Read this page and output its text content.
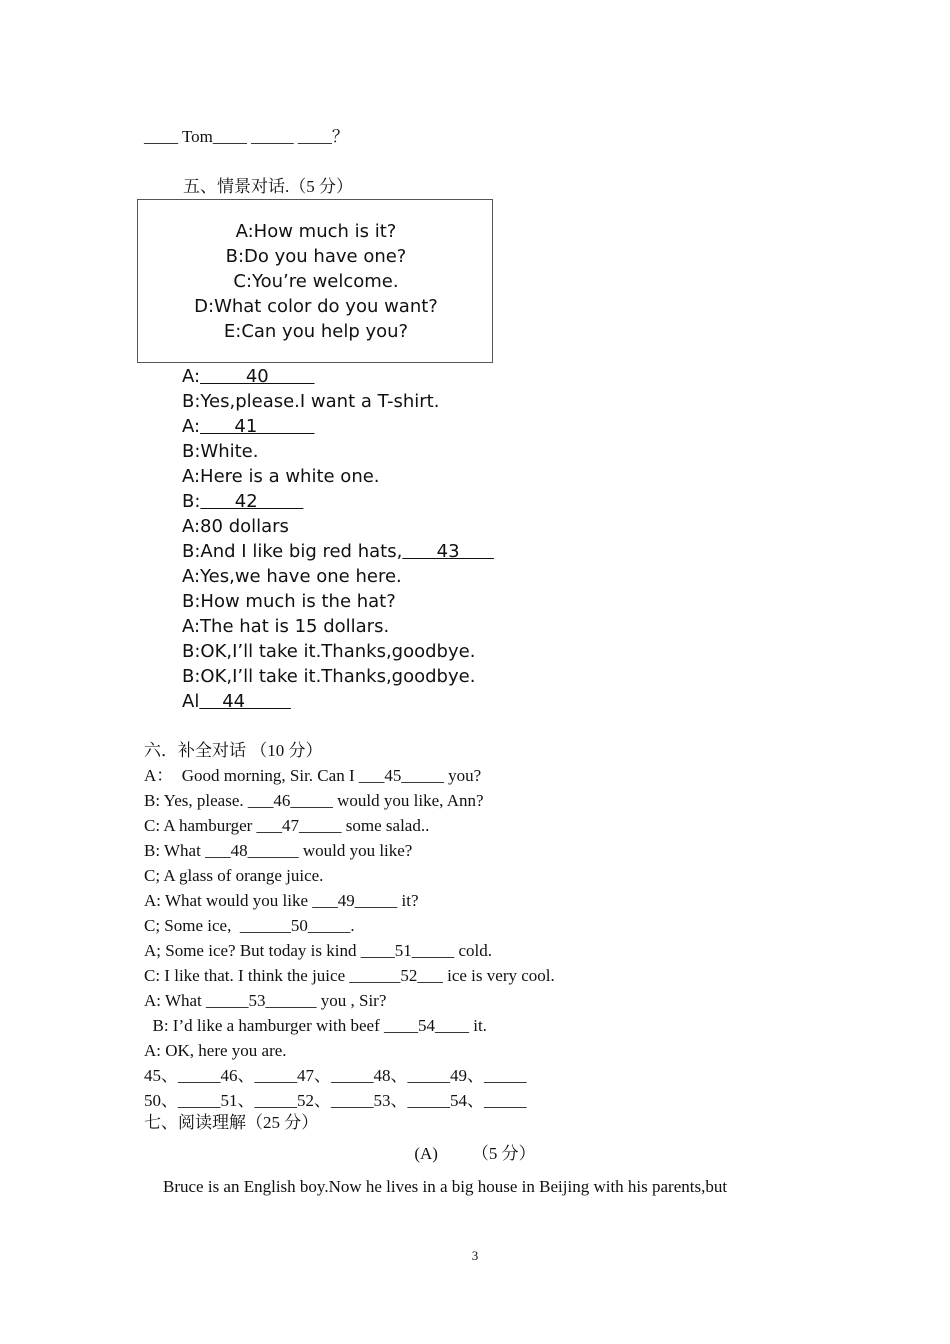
____ Tom____ _____ ____？
五、情景对话.（5 分）
A:How much is it?
B:Do you have one?
C:You’re welcome.
D:What color do you want?
E:Can you help you?
A:        40
B:Yes,please.I want a T-shirt.
A:      41
B:White.
A:Here is a white one.
B:      42
A:80 dollars
B:And I like big red hats,      43
A:Yes,we have one here.
B:How much is the hat?
A:The hat is 15 dollars.
B:OK,I’ll take it.Thanks,goodbye.
B:OK,I’ll take it.Thanks,goodbye.
Al    44
六．补全对话 （10 分）
A：  Good morning, Sir. Can I ___45_____ you?
B: Yes, please. ___46_____ would you like, Ann?
C: A hamburger ___47_____ some salad..
B: What ___48______ would you like?
C; A glass of orange juice.
A: What would you like ___49_____ it?
C; Some ice,  ______50_____.
A; Some ice? But today is kind ____51_____ cold.
C: I like that. I think the juice ______52___ ice is very cool.
A: What _____53______ you , Sir?
B: I’d like a hamburger with beef ____54____ it.
A: OK, here you are.
45、_____46、_____47、_____48、_____49、_____
50、_____51、_____52、_____53、_____54、_____
七、阅读理解（25 分）
(A)        （5 分）
Bruce is an English boy.Now he lives in a big house in Beijing with his parents,but
3
